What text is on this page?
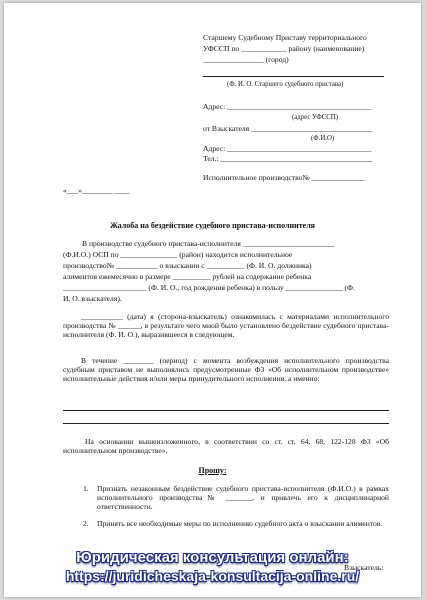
Старшему Судебному Приставу территориального
УФССП по ____________ району (наименование)
________________ (город)
(Ф. И. О. Старшего судебного пристава)
Адрес: ______________________________________
(адрес УФССП)
от Взыскателя ________________________________
(Ф.И.О)
Адрес: ______________________________________
Тел.: ________________________________________
Исполнительное производство№ ______________
«___»________ ____
Жалоба на бездействие судебного пристава-исполнителя
В производстве судебного пристава-исполнителя ________________________
(Ф.И.О.) ОСП по _______________ (район) находится исполнительное
производство№ ___________ о взыскании с __________ (Ф. И. О. должника)
алиментов ежемесячно в размере __________ рублей на содержание ребенка
______________________ (Ф. И. О., год рождения ребенка) в пользу _______________ (Ф.
И. О. взыскателя).
___________ (дата) я (сторона-взыскатель) ознакомилась с материалами исполнительного производства № ______, в результате чего мной было установлено бездействие судебного пристава-исполнителя (Ф. И. О.), выразившееся в следующем.
В течение ________ (период) с момента возбуждения исполнительного производства судебным приставом не выполнялись предусмотренные ФЗ «Об исполнительном производстве» исполнительные действия и/или меры принудительного исполнения, а именно:
На основании вышеизложенного, в соответствии со ст. ст. 64, 68, 122-128 ФЗ «Об исполнительном производстве»,
Прошу:
1. Признать незаконным бездействие судебного пристава-исполнителя (Ф.И.О.) в рамках исполнительного производства№ _______, и привлечь его к дисциплинарной ответственности.
2. Принять все необходимые меры по исполнению судебного акта о взыскании алиментов.
Взыскатель:
Юридическая консультация онлайн:
https://juridicheskaja-konsultacija-online.ru/
